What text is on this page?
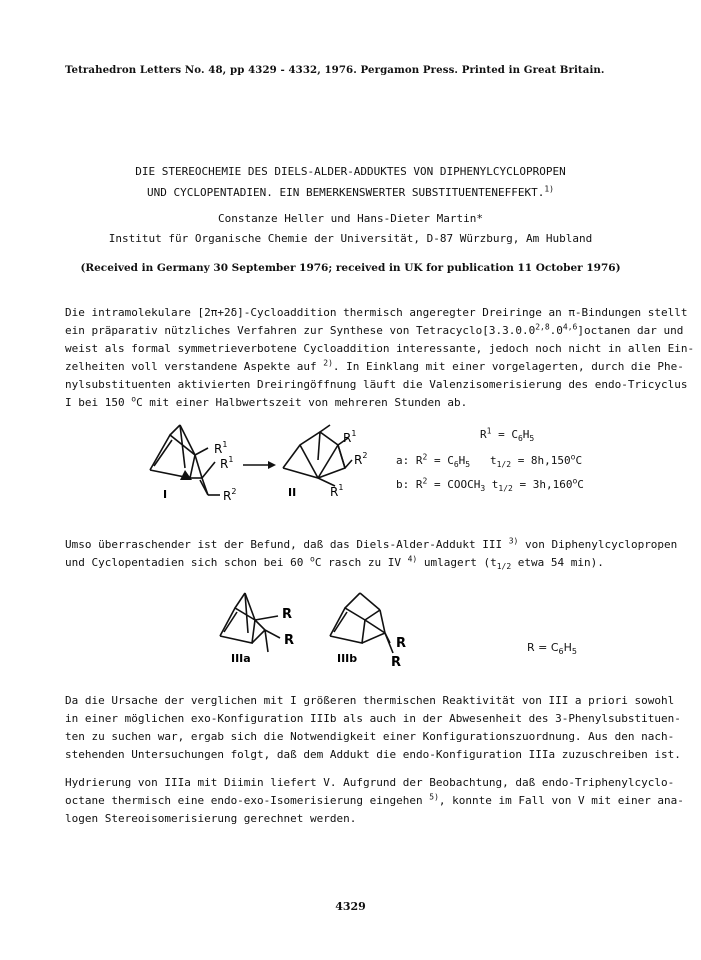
Tetrahedron Letters No. 48, pp 4329 - 4332, 1976. Pergamon Press. Printed in Great Britain.
DIE STEREOCHEMIE DES DIELS-ALDER-ADDUKTES VON DIPHENYLCYCLOPROPEN
UND CYCLOPENTADIEN. EIN BEMERKENSWERTER SUBSTITUENTENEFFEKT.$^{1)}$
Constanze Heller und Hans-Dieter Martin*
Institut für Organische Chemie der Universität, D-87 Würzburg, Am Hubland
(Received in Germany 30 September 1976; received in UK for publication 11 October 1976)
Die intramolekulare [2π+2δ]-Cycloaddition thermisch angeregter Dreiringe an π-Bindungen stellt
ein präparativ nützliches Verfahren zur Synthese von Tetracyclo[3.3.0.0$^{2,8}$.0$^{4,6}$]octanen dar und
weist als formal symmetrieverbotene Cycloaddition interessante, jedoch noch nicht in allen Ein-
zelheiten voll verstandene Aspekte auf $^{2)}$. In Einklang mit einer vorgelagerten, durch die Phe-
nylsubstituenten aktivierten Dreiringöffnung läuft die Valenzisomerisierung des endo-Tricyclus
I bei 150 $^o$C mit einer Halbwertszeit von mehreren Stunden ab.
$R^1$
$R^1$
$R^2$
I
$R^1$
$R^2$
$R^1$
II
$R^1 = C_6H_5$
a: $R^2 = C_6H_5$ $t_{1/2} = 8h,150^oC$
b: $R^2$ = $COOCH_3$ $t_{1/2} = 3h,160^oC$
Umso überraschender ist der Befund, daß das Diels-Alder-Addukt III $^{3)}$ von Diphenylcyclopropen
und Cyclopentadien sich schon bei 60 $^o$C rasch zu IV $^{4)}$ umlagert ($t_{1/2}$ etwa 54 min).
R
R
IIIa
R
R
IIIb
$R = C_6H_5$
Da die Ursache der verglichen mit I größeren thermischen Reaktivität von III a priori sowohl
in einer möglichen exo-Konfiguration IIIb als auch in der Abwesenheit des 3-Phenylsubstituen-
ten zu suchen war, ergab sich die Notwendigkeit einer Konfigurationszuordnung. Aus den nach-
stehenden Untersuchungen folgt, daß dem Addukt die endo-Konfiguration IIIa zuzuschreiben ist.
Hydrierung von IIIa mit Diimin liefert V. Aufgrund der Beobachtung, daß endo-Triphenylcyclo-
octane thermisch eine endo-exo-Isomerisierung eingehen $^{5)}$, konnte im Fall von V mit einer ana-
logen Stereoisomerisierung gerechnet werden.
4329
